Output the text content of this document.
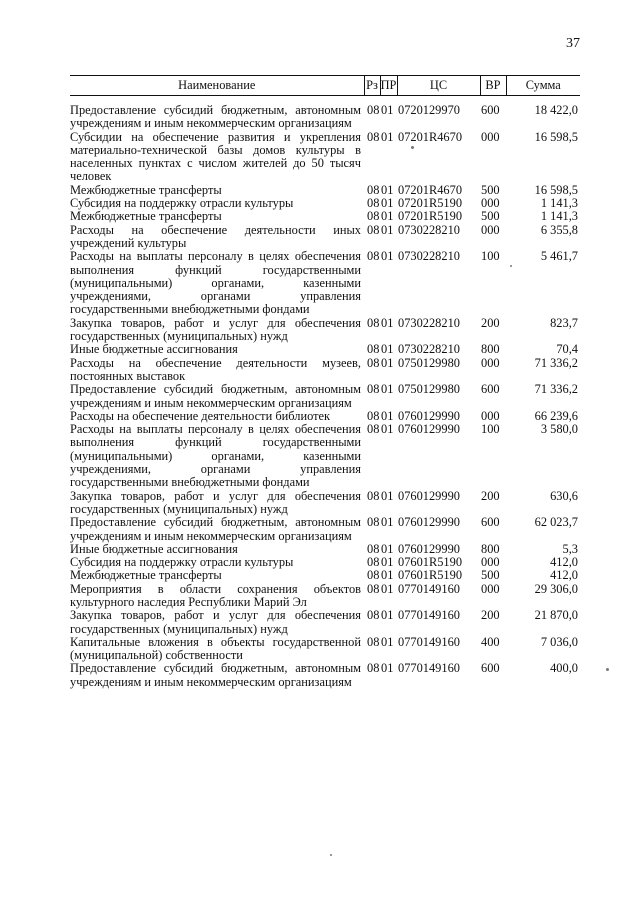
37
Наименование	Рз	ПР	ЦС	ВР	Сумма
Предоставление субсидий бюджетным, автономным учреждениям и иным некоммерческим организациям	08	01	0720129970	600	18 422,0
Субсидии на обеспечение развития и укрепления материально-технической базы домов культуры в населенных пунктах с числом жителей до 50 тысяч человек	08	01	07201R4670	000	16 598,5
Межбюджетные трансферты	08	01	07201R4670	500	16 598,5
Субсидия на поддержку отрасли культуры	08	01	07201R5190	000	1 141,3
Межбюджетные трансферты	08	01	07201R5190	500	1 141,3
Расходы на обеспечение деятельности иных учреждений культуры	08	01	0730228210	000	6 355,8
Расходы на выплаты персоналу в целях обеспечения выполнения функций государственными (муниципальными) органами, казенными учреждениями, органами управления государственными внебюджетными фондами	08	01	0730228210	100	5 461,7
Закупка товаров, работ и услуг для обеспечения государственных (муниципальных) нужд	08	01	0730228210	200	823,7
Иные бюджетные ассигнования	08	01	0730228210	800	70,4
Расходы на обеспечение деятельности музеев, постоянных выставок	08	01	0750129980	000	71 336,2
Предоставление субсидий бюджетным, автономным учреждениям и иным некоммерческим организациям	08	01	0750129980	600	71 336,2
Расходы на обеспечение деятельности библиотек	08	01	0760129990	000	66 239,6
Расходы на выплаты персоналу в целях обеспечения выполнения функций государственными (муниципальными) органами, казенными учреждениями, органами управления государственными внебюджетными фондами	08	01	0760129990	100	3 580,0
Закупка товаров, работ и услуг для обеспечения государственных (муниципальных) нужд	08	01	0760129990	200	630,6
Предоставление субсидий бюджетным, автономным учреждениям и иным некоммерческим организациям	08	01	0760129990	600	62 023,7
Иные бюджетные ассигнования	08	01	0760129990	800	5,3
Субсидия на поддержку отрасли культуры	08	01	07601R5190	000	412,0
Межбюджетные трансферты	08	01	07601R5190	500	412,0
Мероприятия в области сохранения объектов культурного наследия Республики Марий Эл	08	01	0770149160	000	29 306,0
Закупка товаров, работ и услуг для обеспечения государственных (муниципальных) нужд	08	01	0770149160	200	21 870,0
Капитальные вложения в объекты государственной (муниципальной) собственности	08	01	0770149160	400	7 036,0
Предоставление субсидий бюджетным, автономным учреждениям и иным некоммерческим организациям	08	01	0770149160	600	400,0
